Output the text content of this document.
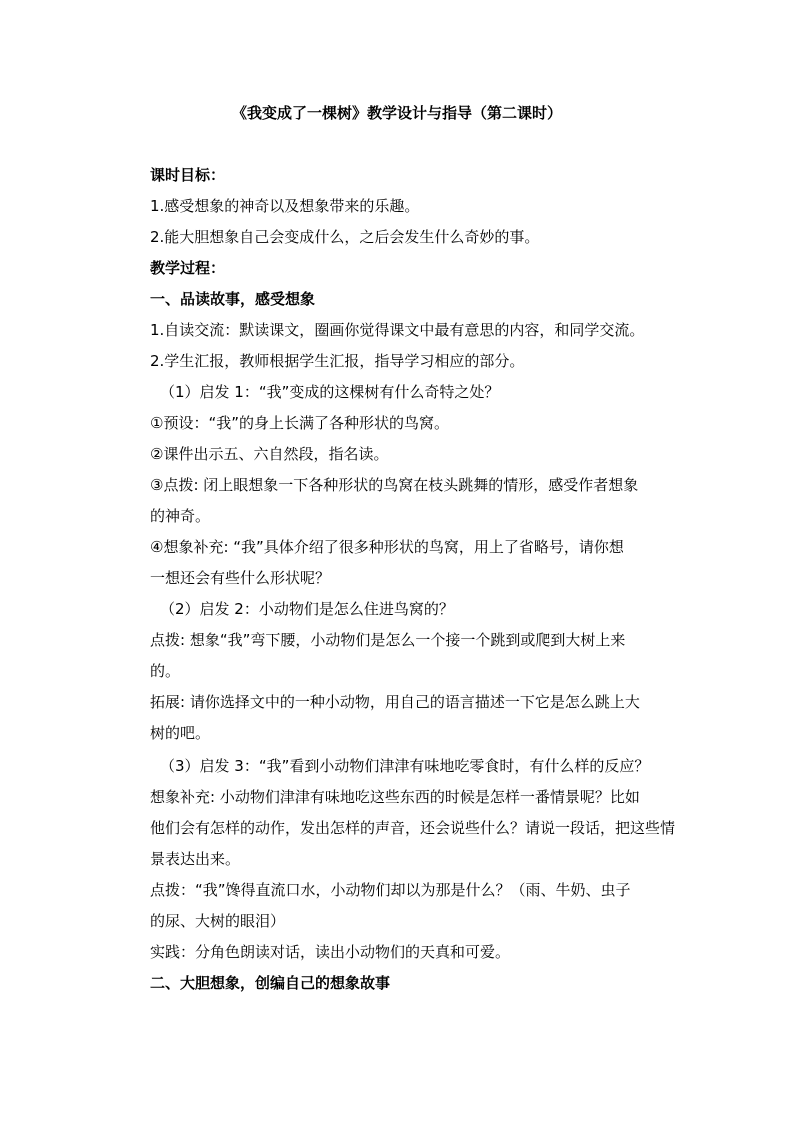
《我变成了一棵树》教学设计与指导（第二课时）
课时目标：
1.感受想象的神奇以及想象带来的乐趣。
2.能大胆想象自己会变成什么，之后会发生什么奇妙的事。
教学过程：
一、品读故事，感受想象
1.自读交流：默读课文，圈画你觉得课文中最有意思的内容，和同学交流。
2.学生汇报，教师根据学生汇报，指导学习相应的部分。
（1）启发 1：“我”变成的这棵树有什么奇特之处？
①预设：“我”的身上长满了各种形状的鸟窝。
②课件出示五、六自然段，指名读。
③点拨: 闭上眼想象一下各种形状的鸟窝在枝头跳舞的情形，感受作者想象
的神奇。
④想象补充: “我”具体介绍了很多种形状的鸟窝，用上了省略号，请你想
一想还会有些什么形状呢？
（2）启发 2：小动物们是怎么住进鸟窝的？
点拨: 想象“我”弯下腰，小动物们是怎么一个接一个跳到或爬到大树上来
的。
拓展: 请你选择文中的一种小动物，用自己的语言描述一下它是怎么跳上大
树的吧。
（3）启发 3：“我”看到小动物们津津有味地吃零食时，有什么样的反应？
想象补充: 小动物们津津有味地吃这些东西的时候是怎样一番情景呢？比如
他们会有怎样的动作，发出怎样的声音，还会说些什么？请说一段话，把这些情
景表达出来。
点拨：“我”馋得直流口水，小动物们却以为那是什么？（雨、牛奶、虫子
的尿、大树的眼泪）
实践：分角色朗读对话，读出小动物们的天真和可爱。
二、大胆想象，创编自己的想象故事
